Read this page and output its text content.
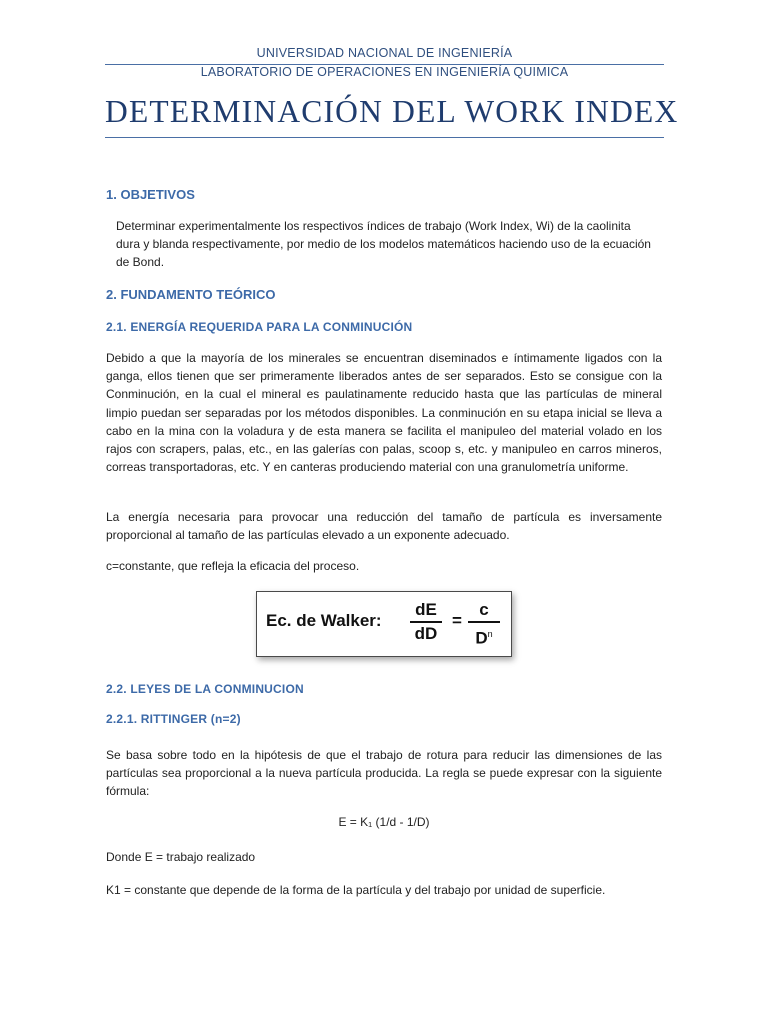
UNIVERSIDAD NACIONAL DE INGENIERÍA
LABORATORIO DE OPERACIONES EN INGENIERÍA QUIMICA
DETERMINACIÓN DEL WORK INDEX
1. OBJETIVOS
Determinar experimentalmente los respectivos índices de trabajo (Work Index, Wi) de la caolinita dura y blanda respectivamente, por medio de los modelos matemáticos haciendo uso de la ecuación de Bond.
2. FUNDAMENTO TEÓRICO
2.1. ENERGÍA REQUERIDA PARA LA CONMINUCIÓN
Debido a que la mayoría de los minerales se encuentran diseminados e íntimamente ligados con la ganga, ellos tienen que ser primeramente liberados antes de ser separados. Esto se consigue con la Conminución, en la cual el mineral es paulatinamente reducido hasta que las partículas de mineral limpio puedan ser separadas por los métodos disponibles. La conminución en su etapa inicial se lleva a cabo en la mina con la voladura y de esta manera se facilita el manipuleo del material volado en los rajos con scrapers, palas, etc., en las galerías con palas, scoop s, etc. y manipuleo en carros mineros, correas transportadoras, etc. Y en canteras produciendo material con una granulometría uniforme.
La energía necesaria para provocar una reducción del tamaño de partícula es inversamente proporcional al tamaño de las partículas elevado a un exponente adecuado.
c=constante, que refleja la eficacia del proceso.
Ec. de Walker:
dE
dD
=
c
$D^n$
2.2. LEYES DE LA CONMINUCION
2.2.1. RITTINGER (n=2)
Se basa sobre todo en la hipótesis de que el trabajo de rotura para reducir las dimensiones de las partículas sea proporcional a la nueva partícula producida. La regla se puede expresar con la siguiente fórmula:
E = K₁ (1/d - 1/D)
Donde E = trabajo realizado
K1 = constante que depende de la forma de la partícula y del trabajo por unidad de superficie.
